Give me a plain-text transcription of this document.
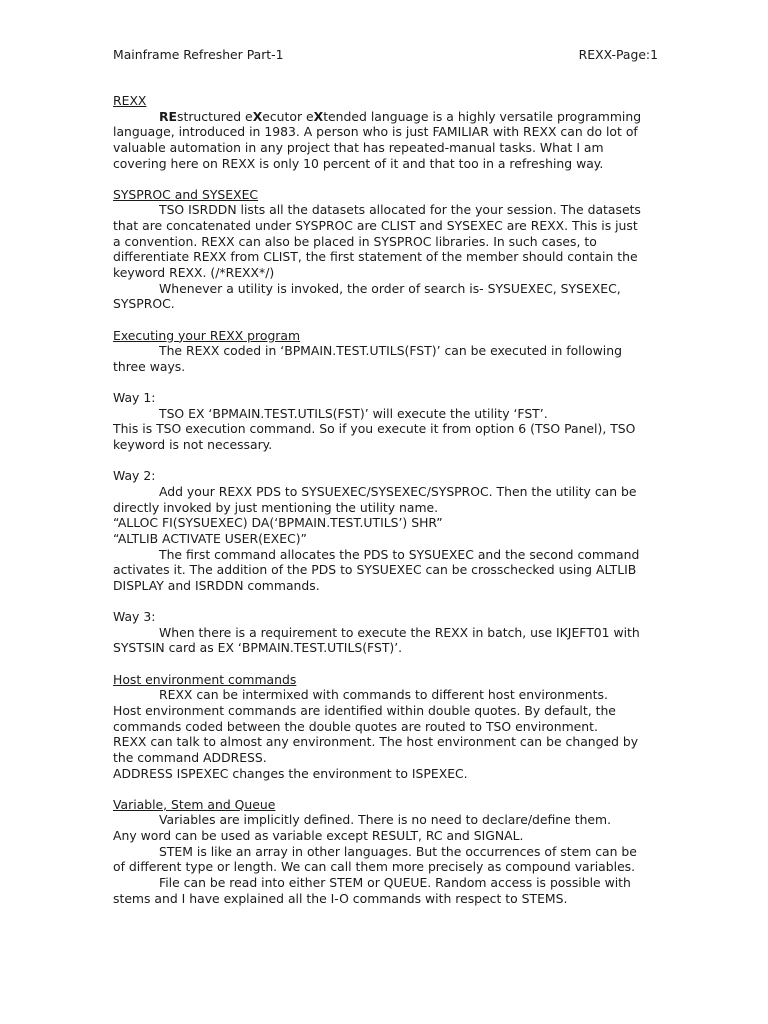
Mainframe Refresher Part-1	REXX-Page:1
REXX
REstructured eXecutor eXtended language is a highly versatile programming
language, introduced in 1983. A person who is just FAMILIAR with REXX can do lot of
valuable automation in any project that has repeated-manual tasks. What I am
covering here on REXX is only 10 percent of it and that too in a refreshing way.
SYSPROC and SYSEXEC
TSO ISRDDN lists all the datasets allocated for the your session. The datasets
that are concatenated under SYSPROC are CLIST and SYSEXEC are REXX. This is just
a convention. REXX can also be placed in SYSPROC libraries. In such cases, to
differentiate REXX from CLIST, the first statement of the member should contain the
keyword REXX. (/*REXX*/)
Whenever a utility is invoked, the order of search is- SYSUEXEC, SYSEXEC,
SYSPROC.
Executing your REXX program
The REXX coded in ‘BPMAIN.TEST.UTILS(FST)’ can be executed in following
three ways.
Way 1:
TSO EX ‘BPMAIN.TEST.UTILS(FST)’ will execute the utility ‘FST’.
This is TSO execution command. So if you execute it from option 6 (TSO Panel), TSO
keyword is not necessary.
Way 2:
Add your REXX PDS to SYSUEXEC/SYSEXEC/SYSPROC. Then the utility can be
directly invoked by just mentioning the utility name.
“ALLOC FI(SYSUEXEC) DA(‘BPMAIN.TEST.UTILS’) SHR”
“ALTLIB ACTIVATE USER(EXEC)”
The first command allocates the PDS to SYSUEXEC and the second command
activates it. The addition of the PDS to SYSUEXEC can be crosschecked using ALTLIB
DISPLAY and ISRDDN commands.
Way 3:
When there is a requirement to execute the REXX in batch, use IKJEFT01 with
SYSTSIN card as EX ‘BPMAIN.TEST.UTILS(FST)’.
Host environment commands
REXX can be intermixed with commands to different host environments.
Host environment commands are identified within double quotes. By default, the
commands coded between the double quotes are routed to TSO environment.
REXX can talk to almost any environment. The host environment can be changed by
the command ADDRESS.
ADDRESS ISPEXEC changes the environment to ISPEXEC.
Variable, Stem and Queue
Variables are implicitly defined. There is no need to declare/define them.
Any word can be used as variable except RESULT, RC and SIGNAL.
STEM is like an array in other languages. But the occurrences of stem can be
of different type or length. We can call them more precisely as compound variables.
File can be read into either STEM or QUEUE. Random access is possible with
stems and I have explained all the I-O commands with respect to STEMS.
